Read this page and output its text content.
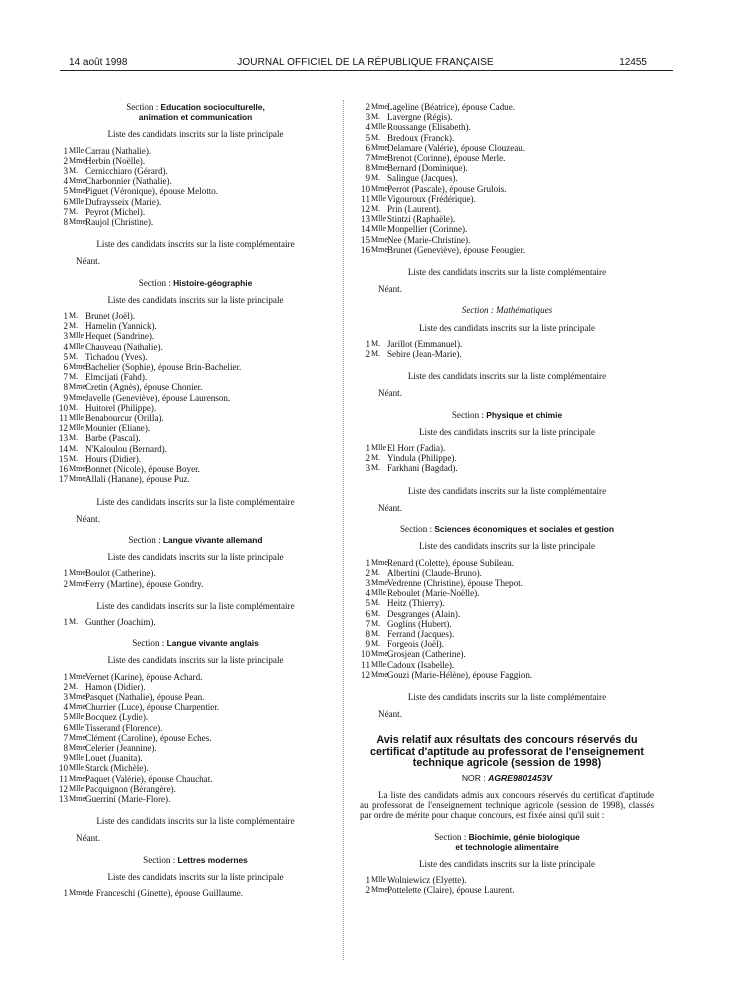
14 août 1998	JOURNAL OFFICIEL DE LA RÉPUBLIQUE FRANÇAISE	12455
Section : Education socioculturelle,
animation et communication
Liste des candidats inscrits sur la liste principale
1 Mlle Carrau (Nathalie).
2 Mme Herbin (Noëlle).
3 M. Cernicchiaro (Gérard).
4 Mme Charbonnier (Nathalie).
5 Mme Piguet (Véronique), épouse Melotto.
6 Mlle Dufraysseix (Marie).
7 M. Peyrot (Michel).
8 Mme Raujol (Christine).
Liste des candidats inscrits sur la liste complémentaire
Néant.
Section : Histoire-géographie
Liste des candidats inscrits sur la liste principale
1 M. Brunet (Joël).
2 M. Hamelin (Yannick).
3 Mlle Hequet (Sandrine).
4 Mlle Chauveau (Nathalie).
5 M. Tichadou (Yves).
6 Mme Bachelier (Sophie), épouse Brin-Bachelier.
7 M. Elmcijati (Fahd).
8 Mme Cretin (Agnès), épouse Chonier.
9 Mme Javelle (Geneviève), épouse Laurenson.
10 M. Huitorel (Philippe).
11 Mlle Benabourcur (Orilla).
12 Mlle Mounier (Eliane).
13 M. Barbe (Pascal).
14 M. N'Kaloulou (Bernard).
15 M. Hours (Didier).
16 Mme Bonnet (Nicole), épouse Boyer.
17 Mme Allali (Hanane), épouse Puz.
Liste des candidats inscrits sur la liste complémentaire
Néant.
Section : Langue vivante allemand
Liste des candidats inscrits sur la liste principale
1 Mme Boulot (Catherine).
2 Mme Ferry (Martine), épouse Gondry.
Liste des candidats inscrits sur la liste complémentaire
1 M. Gunther (Joachim).
Section : Langue vivante anglais
Liste des candidats inscrits sur la liste principale
1 Mme Vernet (Karine), épouse Achard.
2 M. Hamon (Didier).
3 Mme Pasquet (Nathalie), épouse Pean.
4 Mme Churrier (Luce), épouse Charpentier.
5 Mlle Bocquez (Lydie).
6 Mlle Tisserand (Florence).
7 Mme Clément (Caroline), épouse Eches.
8 Mme Celerier (Jeannine).
9 Mlle Louet (Juanita).
10 Mlle Starck (Michèle).
11 Mme Paquet (Valérie), épouse Chauchat.
12 Mlle Pacquignon (Bérangère).
13 Mme Guerrini (Marie-Flore).
Liste des candidats inscrits sur la liste complémentaire
Néant.
Section : Lettres modernes
Liste des candidats inscrits sur la liste principale
1 Mme de Franceschi (Ginette), épouse Guillaume.
2 Mme Lageline (Béatrice), épouse Cadue.
3 M. Lavergne (Régis).
4 Mlle Roussange (Elisabeth).
5 M. Bredoux (Franck).
6 Mme Delamare (Valérie), épouse Clouzeau.
7 Mme Brenot (Corinne), épouse Merle.
8 Mme Bernard (Dominique).
9 M. Salingue (Jacques).
10 Mme Perrot (Pascale), épouse Grulois.
11 Mlle Vigouroux (Frédérique).
12 M. Prin (Laurent).
13 Mlle Stintzi (Raphaële).
14 Mlle Monpellier (Corinne).
15 Mme Nee (Marie-Christine).
16 Mme Brunet (Geneviève), épouse Feougier.
Liste des candidats inscrits sur la liste complémentaire
Néant.
Section : Mathématiques
Liste des candidats inscrits sur la liste principale
1 M. Jarillot (Emmanuel).
2 M. Sebire (Jean-Marie).
Liste des candidats inscrits sur la liste complémentaire
Néant.
Section : Physique et chimie
Liste des candidats inscrits sur la liste principale
1 Mlle El Horr (Fadia).
2 M. Yindula (Philippe).
3 M. Farkhani (Bagdad).
Liste des candidats inscrits sur la liste complémentaire
Néant.
Section : Sciences économiques et sociales et gestion
Liste des candidats inscrits sur la liste principale
1 Mme Renard (Colette), épouse Subileau.
2 M. Albertini (Claude-Bruno).
3 Mme Vedrenne (Christine), épouse Thepot.
4 Mlle Reboulet (Marie-Noëlle).
5 M. Heitz (Thierry).
6 M. Desgranges (Alain).
7 M. Goglins (Hubert).
8 M. Ferrand (Jacques).
9 M. Forgeois (Joël).
10 Mme Grosjean (Catherine).
11 Mlle Cadoux (Isabelle).
12 Mme Gouzi (Marie-Hélène), épouse Faggion.
Liste des candidats inscrits sur la liste complémentaire
Néant.
Avis relatif aux résultats des concours réservés du
certificat d'aptitude au professorat de l'enseignement
technique agricole (session de 1998)
NOR : AGRE9801453V
La liste des candidats admis aux concours réservés du certificat d'aptitude au professorat de l'enseignement technique agricole (session de 1998), classés par ordre de mérite pour chaque concours, est fixée ainsi qu'il suit :
Section : Biochimie, génie biologique
et technologie alimentaire
Liste des candidats inscrits sur la liste principale
1 Mlle Wolniewicz (Elyette).
2 Mme Pottelette (Claire), épouse Laurent.
